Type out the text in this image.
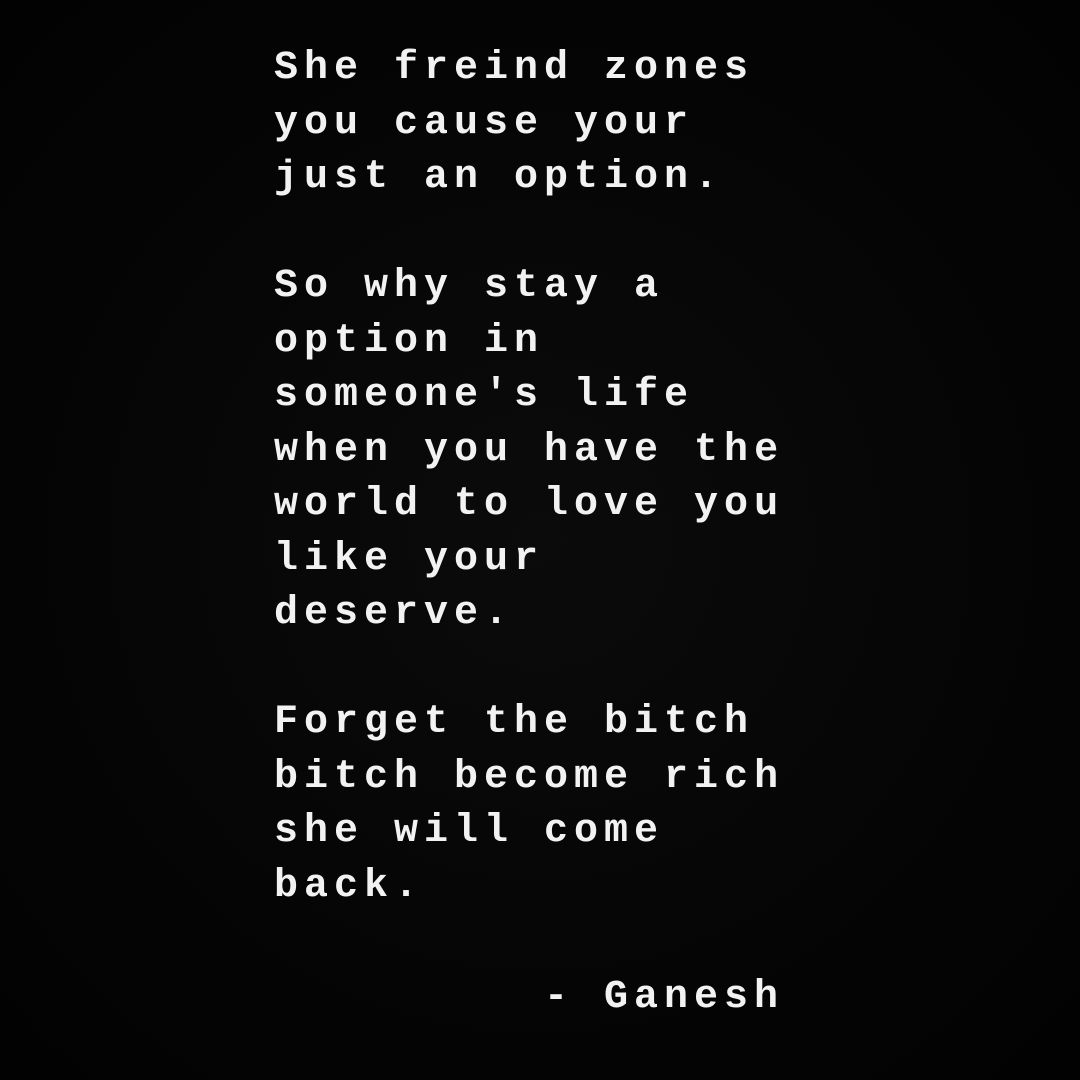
She freind zones
you cause your
just an option.
So why stay a
option in
someone's life
when you have the
world to love you
like your
deserve.
Forget the bitch
bitch become rich
she will come
back.
- Ganesh
